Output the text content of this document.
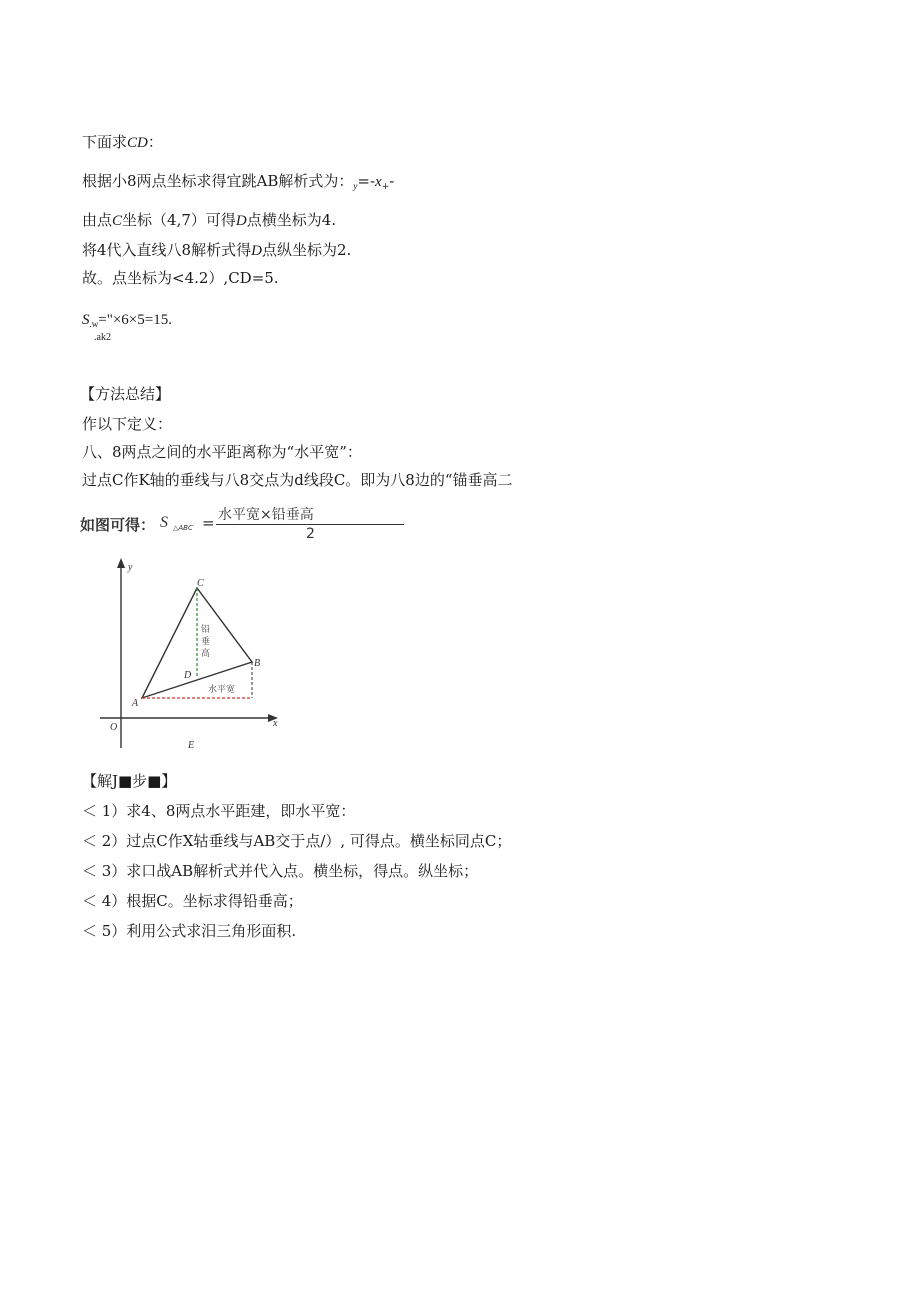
下面求CD：
根据小8两点坐标求得宜跳AB解析式为：$_y=-x_+-$
由点C坐标（4,7）可得D点横坐标为4.
将4代入直线八8解析式得D点纵坐标为2.
故。点坐标为<4.2）,CD=5.
$S_{.w}="\times 6\times 5=15$.
.ak2
【方法总结】
作以下定义：
八、8两点之间的水平距离称为“水平宽”：
过点C作K轴的垂线与八8交点为d线段C。即为八8边的“锚垂高二
如图可得： S △ABC = 水平宽×铅垂高
2
y
x
O
A
B
C
D
E
铅
垂
高
水平宽
【解J■步■】
＜ 1）求4、8两点水平距建，即水平宽：
＜ 2）过点C作X轱垂线与AB交于点/）, 可得点。横坐标同点C；
＜ 3）求口战AB解析式并代入点。横坐标，得点。纵坐标；
＜ 4）根据C。坐标求得铅垂高；
＜ 5）利用公式求汨三角形面积.
